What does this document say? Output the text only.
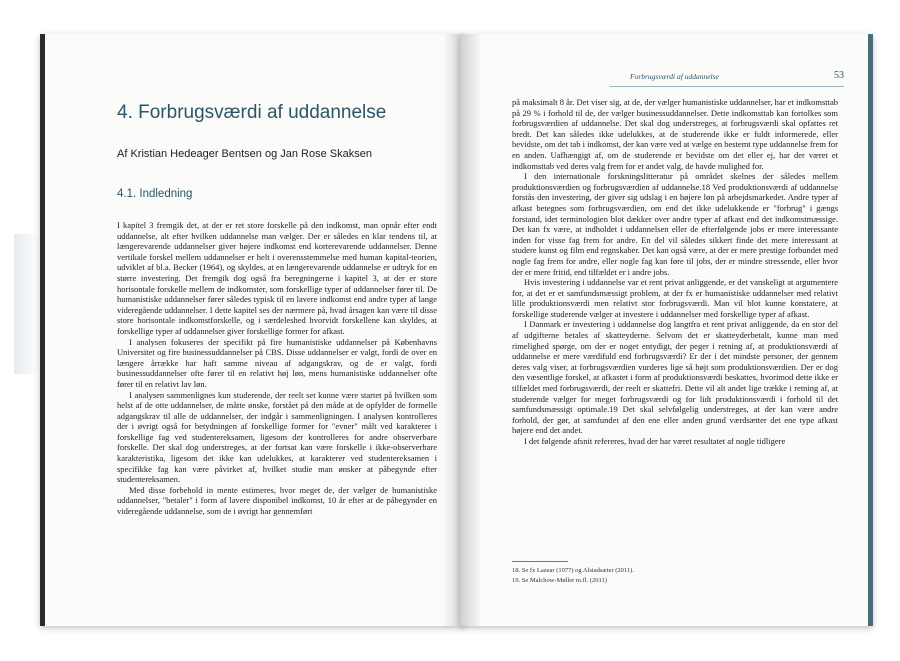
4. Forbrugsværdi af uddannelse
Af Kristian Hedeager Bentsen og Jan Rose Skaksen
4.1. Indledning

I kapitel 3 fremgik det, at der er ret store forskelle på den indkomst, man opnår efter endt uddannelse, alt efter hvilken uddannelse man vælger. Der er således en klar tendens til, at længerevarende uddannelser giver højere indkomst end korterevarende uddannelser. Denne vertikale forskel mellem uddannelser er helt i overensstemmelse med human kapital-teorien, udviklet af bl.a. Becker (1964), og skyldes, at en længerevarende uddannelse er udtryk for en større investering. Det fremgik dog også fra beregningerne i kapitel 3, at der er store horisontale forskelle mellem de indkomster, som forskellige typer af uddannelser fører til. De humanistiske uddannelser fører således typisk til en lavere indkomst end andre typer af lange videregående uddannelser. I dette kapitel ses der nærmere på, hvad årsagen kan være til disse store horisontale indkomstforskelle, og i særdeleshed hvorvidt forskellene kan skyldes, at forskellige typer af uddannelser giver forskellige former for afkast.

I analysen fokuseres der specifikt på fire humanistiske uddannelser på Københavns Universitet og fire businessuddannelser på CBS. Disse uddannelser er valgt, fordi de over en længere årrække har haft samme niveau af adgangskrav, og de er valgt, fordi businessuddannelser ofte fører til en relativt høj løn, mens humanistiske uddannelser ofte fører til en relativt lav løn.

I analysen sammenlignes kun studerende, der reelt set kunne være startet på hvilken som helst af de otte uddannelser, de måtte ønske, forstået på den måde at de opfylder de formelle adgangskrav til alle de uddannelser, der indgår i sammenligningen. I analysen kontrolleres der i øvrigt også for betydningen af forskellige former for "evner" målt ved karakterer i forskellige fag ved studentereksamen, ligesom der kontrolleres for andre observerbare forskelle. Det skal dog understreges, at der fortsat kan være forskelle i ikke-observerbare karakteristika, ligesom det ikke kan udelukkes, at karakterer ved studentereksamen i specifikke fag kan være påvirket af, hvilket studie man ønsker at påbegynde efter studentereksamen.

Med disse forbehold in mente estimeres, hvor meget de, der vælger de humanistiske uddannelser, "betaler" i form af lavere disponibel indkomst, 10 år efter at de påbegynder en videregående uddannelse, som de i øvrigt har gennemført

Forbrugsværdi af uddannelse	53

på maksimalt 8 år. Det viser sig, at de, der vælger humanistiske uddannelser, har et indkomsttab på 29 % i forhold til de, der vælger businessuddannelser. Dette indkomsttab kan fortolkes som forbrugsværdien af uddannelse. Det skal dog understreges, at forbrugsværdi skal opfattes ret bredt. Det kan således ikke udelukkes, at de studerende ikke er fuldt informerede, eller bevidste, om det tab i indkomst, der kan være ved at vælge en bestemt type uddannelse frem for en anden. Uafhængigt af, om de studerende er bevidste om det eller ej, har der været et indkomsttab ved deres valg frem for et andet valg, de havde mulighed for.

I den internationale forskningslitteratur på området skelnes der således mellem produktionsværdien og forbrugsværdien af uddannelse.18 Ved produktionsværdi af uddannelse forstås den investering, der giver sig udslag i en højere løn på arbejdsmarkedet. Andre typer af afkast betegnes som forbrugsværdien, om end det ikke udelukkende er "forbrug" i gængs forstand, idet terminologien blot dækker over andre typer af afkast end det indkomstmæssige. Det kan fx være, at indholdet i uddannelsen eller de efterfølgende jobs er mere interessante inden for visse fag frem for andre. En del vil således sikkert finde det mere interessant at studere kunst og film end regnskaber. Det kan også være, at der er mere prestige forbundet med nogle fag frem for andre, eller nogle fag kan føre til jobs, der er mindre stressende, eller hvor der er mere fritid, end tilfældet er i andre jobs.

Hvis investering i uddannelse var et rent privat anliggende, er det vanskeligt at argumentere for, at det er et samfundsmæssigt problem, at der fx er humanistiske uddannelser med relativt lille produktionsværdi men relativt stor forbrugsværdi. Man vil blot kunne konstatere, at forskellige studerende vælger at investere i uddannelser med forskellige typer af afkast.

I Danmark er investering i uddannelse dog langtfra et rent privat anliggende, da en stor del af udgifterne betales af skatteyderne. Selvom det er skatteyderbetalt, kunne man med rimelighed spørge, om der er noget entydigt, der peger i retning af, at produktionsværdi af uddannelse er mere værdifuld end forbrugsværdi? Er der i det mindste personer, der gennem deres valg viser, at forbrugsværdien vurderes lige så højt som produktionsværdien. Der er dog den væsentlige forskel, at afkastet i form af produktionsværdi beskattes, hvorimod dette ikke er tilfældet med forbrugsværdi, der reelt er skattefri. Dette vil alt andet lige trække i retning af, at studerende vælger for meget forbrugsværdi og for lidt produktionsværdi i forhold til det samfundsmæssigt optimale.19 Det skal selvfølgelig understreges, at der kan være andre forhold, der gør, at samfundet af den ene eller anden grund værdsætter det ene type afkast højere end det andet.

I det følgende afsnit refereres, hvad der har været resultatet af nogle tidligere

18. Se fx Lazear (1977) og Alstadsæter (2011).
19. Se Malchow-Møller m.fl. (2011)
